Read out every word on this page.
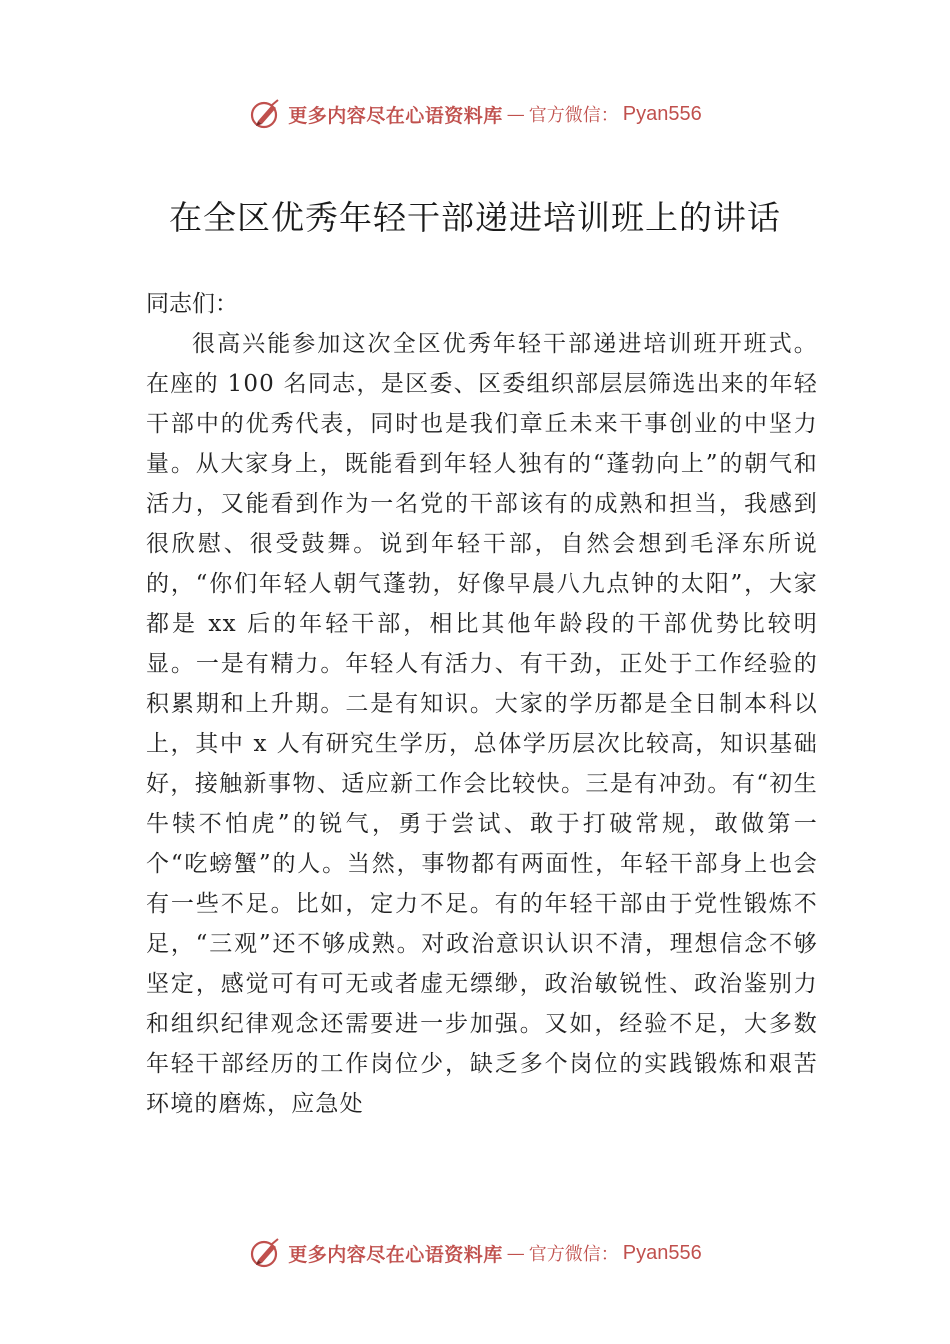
更多内容尽在心语资料库 — 官方微信： Pyan556
在全区优秀年轻干部递进培训班上的讲话

同志们：

很高兴能参加这次全区优秀年轻干部递进培训班开班式。在座的 100 名同志，是区委、区委组织部层层筛选出来的年轻干部中的优秀代表，同时也是我们章丘未来干事创业的中坚力量。从大家身上，既能看到年轻人独有的“蓬勃向上”的朝气和活力，又能看到作为一名党的干部该有的成熟和担当，我感到很欣慰、很受鼓舞。说到年轻干部，自然会想到毛泽东所说的，“你们年轻人朝气蓬勃，好像早晨八九点钟的太阳”，大家都是 xx 后的年轻干部，相比其他年龄段的干部优势比较明显。一是有精力。年轻人有活力、有干劲，正处于工作经验的积累期和上升期。二是有知识。大家的学历都是全日制本科以上，其中 x 人有研究生学历，总体学历层次比较高，知识基础好，接触新事物、适应新工作会比较快。三是有冲劲。有“初生牛犊不怕虎”的锐气，勇于尝试、敢于打破常规，敢做第一个“吃螃蟹”的人。当然，事物都有两面性，年轻干部身上也会有一些不足。比如，定力不足。有的年轻干部由于党性锻炼不足，“三观”还不够成熟。对政治意识认识不清，理想信念不够坚定，感觉可有可无或者虚无缥缈，政治敏锐性、政治鉴别力和组织纪律观念还需要进一步加强。又如，经验不足，大多数年轻干部经历的工作岗位少，缺乏多个岗位的实践锻炼和艰苦环境的磨炼，应急处

更多内容尽在心语资料库 — 官方微信： Pyan556
